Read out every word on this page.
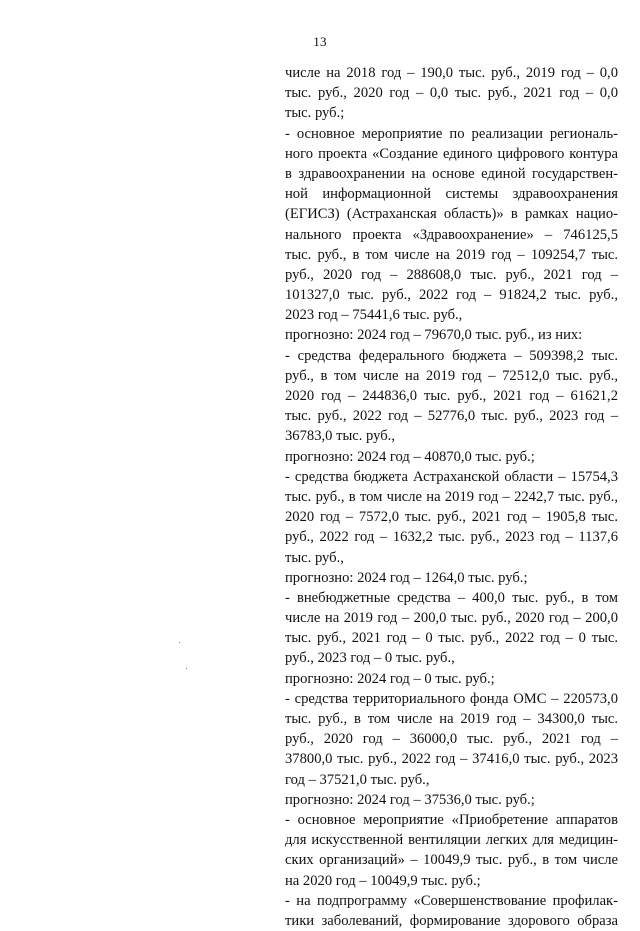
13
числе на 2018 год – 190,0 тыс. руб., 2019 год – 0,0
тыс. руб., 2020 год – 0,0 тыс. руб., 2021 год – 0,0
тыс. руб.;
- основное мероприятие по реализации региональ-
ного проекта «Создание единого цифрового контура
в здравоохранении на основе единой государствен-
ной информационной системы здравоохранения
(ЕГИСЗ) (Астраханская область)» в рамках нацио-
нального проекта «Здравоохранение» – 746125,5
тыс. руб., в том числе на 2019 год – 109254,7 тыс.
руб., 2020 год – 288608,0 тыс. руб., 2021 год –
101327,0 тыс. руб., 2022 год – 91824,2 тыс. руб.,
2023 год – 75441,6 тыс. руб.,
прогнозно: 2024 год – 79670,0 тыс. руб., из них:
- средства федерального бюджета – 509398,2 тыс.
руб., в том числе на 2019 год – 72512,0 тыс. руб.,
2020 год – 244836,0 тыс. руб., 2021 год – 61621,2
тыс. руб., 2022 год – 52776,0 тыс. руб., 2023 год –
36783,0 тыс. руб.,
прогнозно: 2024 год – 40870,0 тыс. руб.;
- средства бюджета Астраханской области – 15754,3
тыс. руб., в том числе на 2019 год – 2242,7 тыс. руб.,
2020 год – 7572,0 тыс. руб., 2021 год – 1905,8 тыс.
руб., 2022 год – 1632,2 тыс. руб., 2023 год – 1137,6
тыс. руб.,
прогнозно: 2024 год – 1264,0 тыс. руб.;
- внебюджетные средства – 400,0 тыс. руб., в том
числе на 2019 год – 200,0 тыс. руб., 2020 год – 200,0
тыс. руб., 2021 год – 0 тыс. руб., 2022 год – 0 тыс.
руб., 2023 год – 0 тыс. руб.,
прогнозно: 2024 год – 0 тыс. руб.;
- средства территориального фонда ОМС – 220573,0
тыс. руб., в том числе на 2019 год – 34300,0 тыс.
руб., 2020 год – 36000,0 тыс. руб., 2021 год –
37800,0 тыс. руб., 2022 год – 37416,0 тыс. руб., 2023
год – 37521,0 тыс. руб.,
прогнозно: 2024 год – 37536,0 тыс. руб.;
- основное мероприятие «Приобретение аппаратов
для искусственной вентиляции легких для медицин-
ских организаций» – 10049,9 тыс. руб., в том числе
на 2020 год – 10049,9 тыс. руб.;
- на подпрограмму «Совершенствование профилак-
тики заболеваний, формирование здорового образа
